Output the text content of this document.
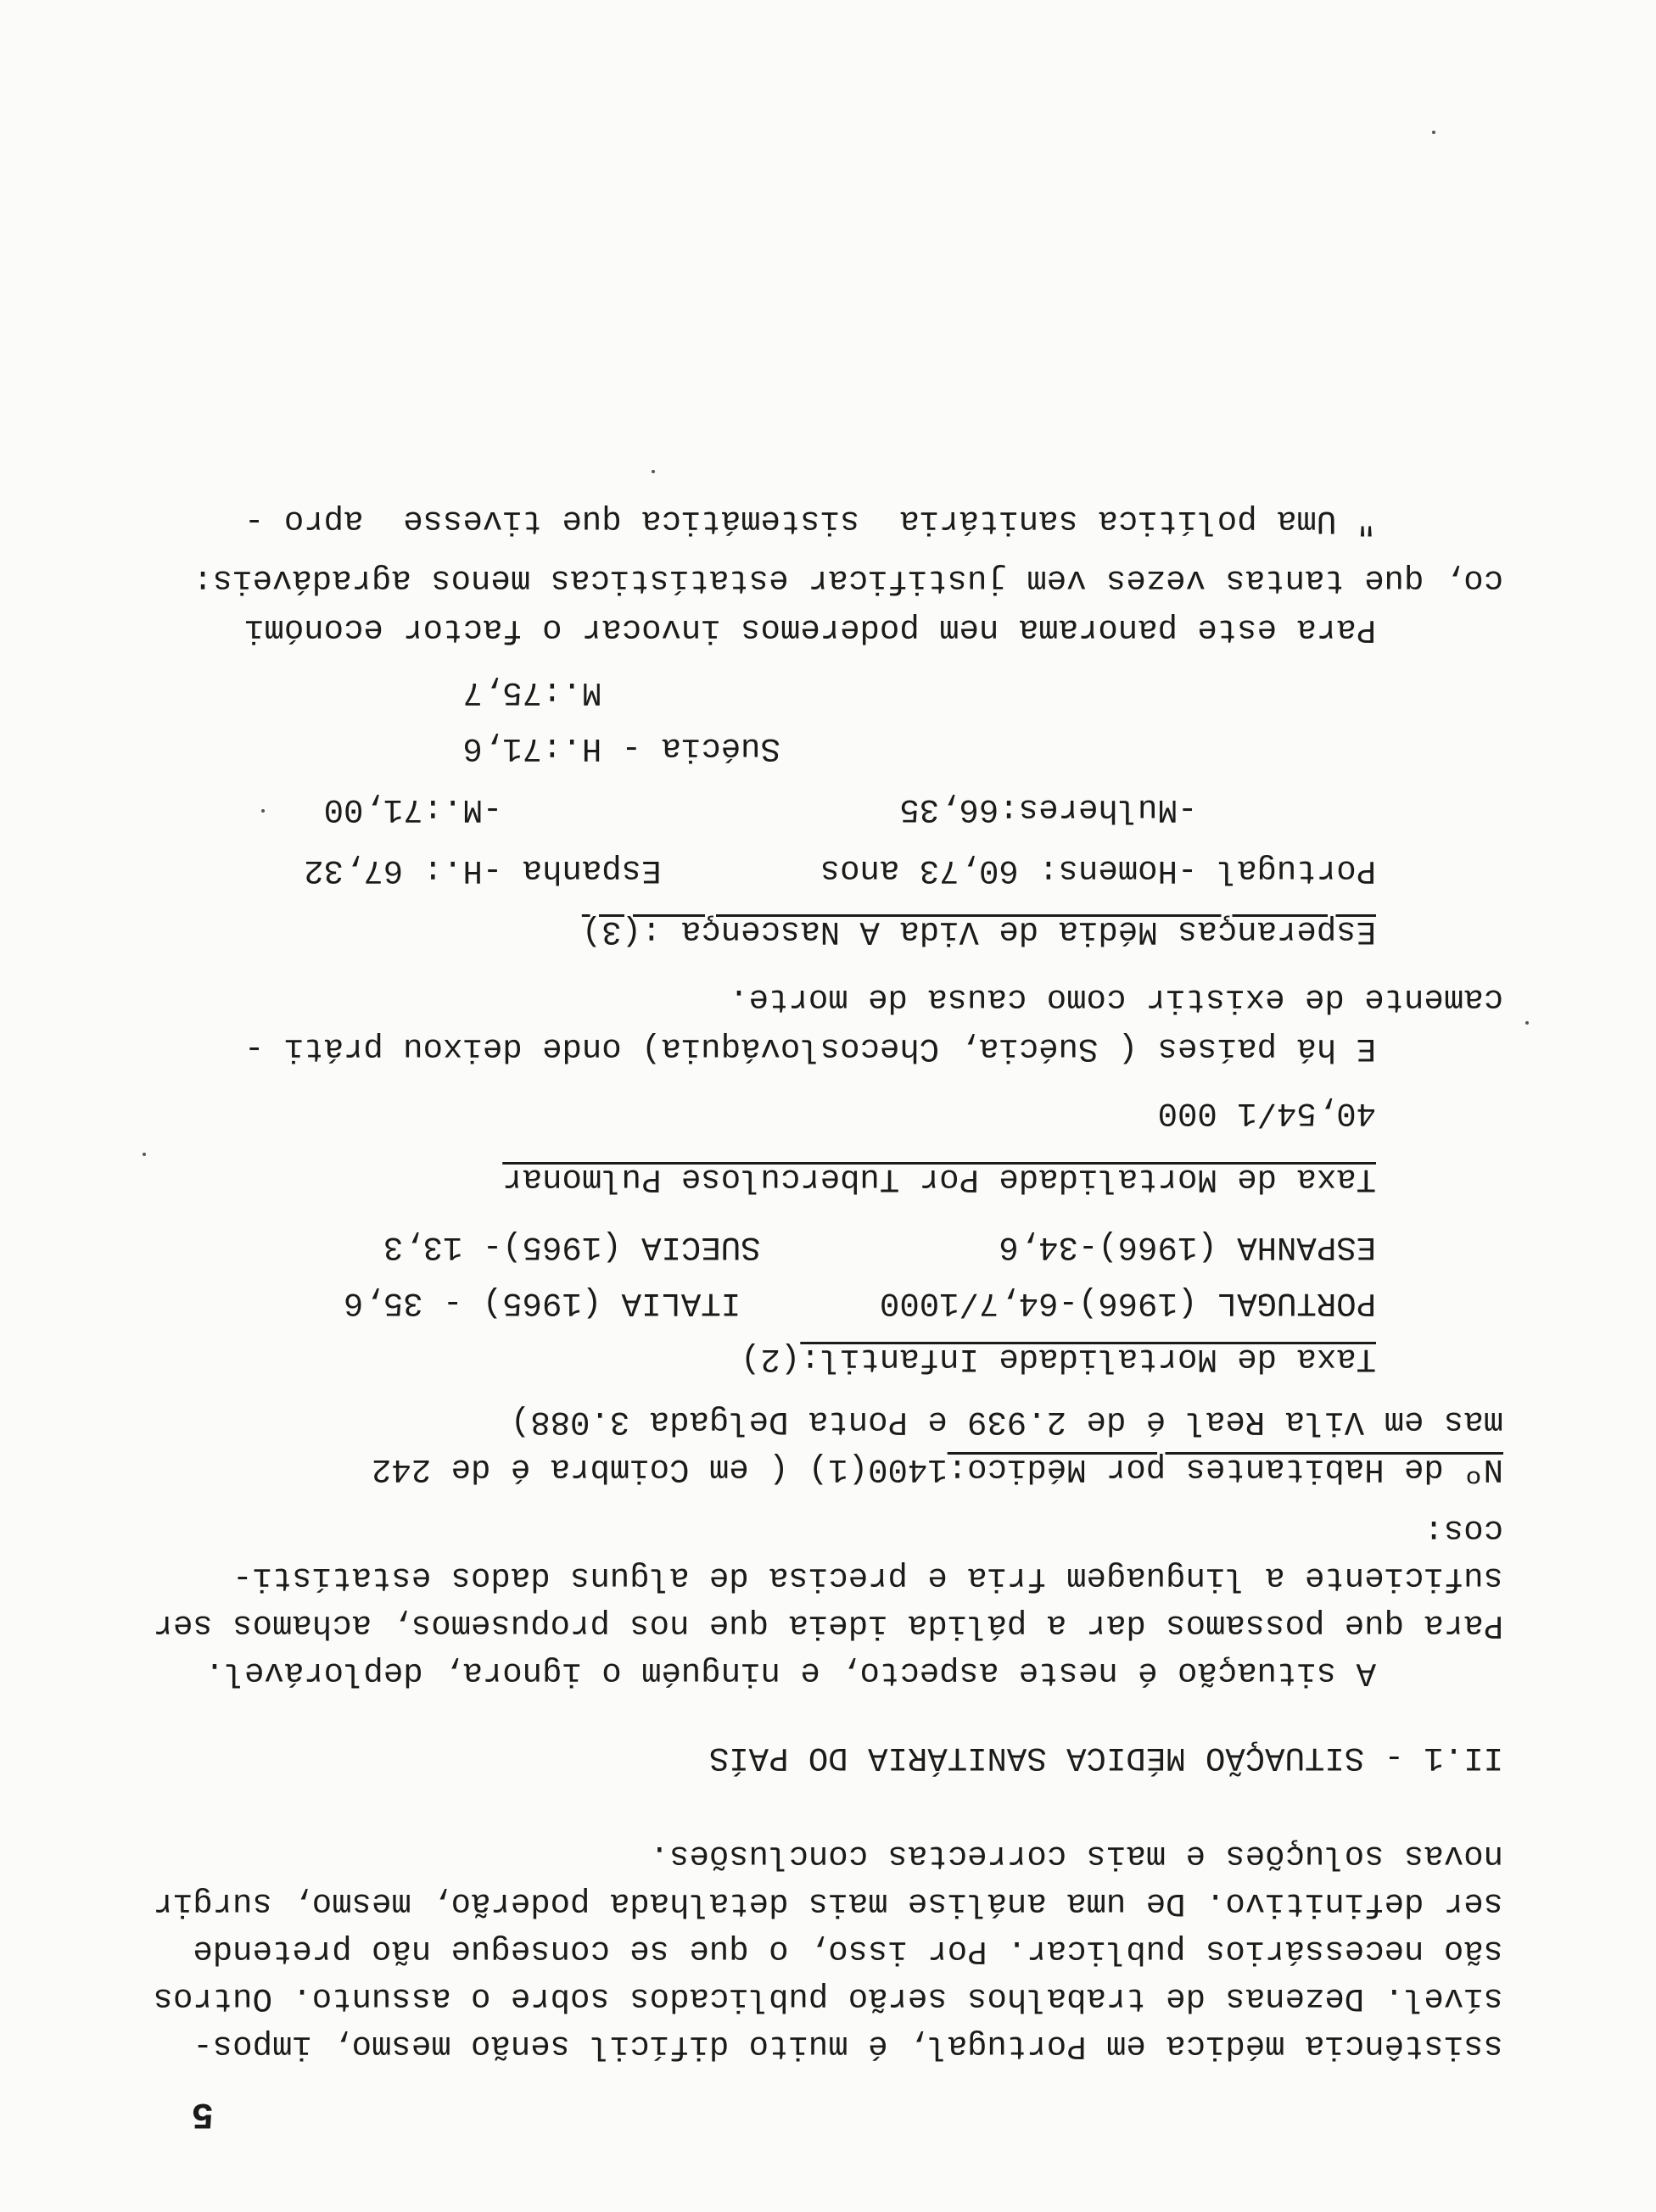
5
ssistência médica em Portugal, é muito difícil senão mesmo, impos-
sível. Dezenas de trabalhos serão publicados sobre o assunto. Outros
são necessários publicar. Por isso, o que se consegue não pretende
ser definitivo. De uma análise mais detalhada poderão, mesmo, surgir
novas soluções e mais correctas conclusões.
II.1 - SITUAÇÃO MÉDICA SANITÁRIA DO PAÍS
A situação é neste aspecto, e ninguém o ignora, deplorável.
Para que possamos dar a pálida ideia que nos propusemos, achamos ser
suficiente a linguagem fria e precisa de alguns dados estatísti-
cos:
Nº de Habitantes por Médico:1400(1) ( em Coimbra é de 242
mas em Vila Real é de 2.939 e Ponta Delgada 3.088)
Taxa de Mortalidade Infantil:(2)
PORTUGAL (1966)-64,7/1000       ITALIA (1965) - 35,6
ESPANHA (1966)-34,6            SUECIA (1965)- 13,3
Taxa de Mortalidade Por Tuberculose Pulmonar
40,54/1 000
E há países ( Suécia, Checoslováquia) onde deixou práti -
camente de existir como causa de morte.
Esperanças Média de Vida A Nascença :(3)
Portugal -Homens: 60,73 anos        Espanha -H.: 67,32
-Mulheres:66,35                    -M.:71,00
Suécia - H.:71,6
M.:75,7
Para este panorama nem poderemos invocar o factor económi
co, que tantas vezes vem justificar estatísticas menos agradáveis:
" Uma política sanitária  sistemática que tivesse  apro -
